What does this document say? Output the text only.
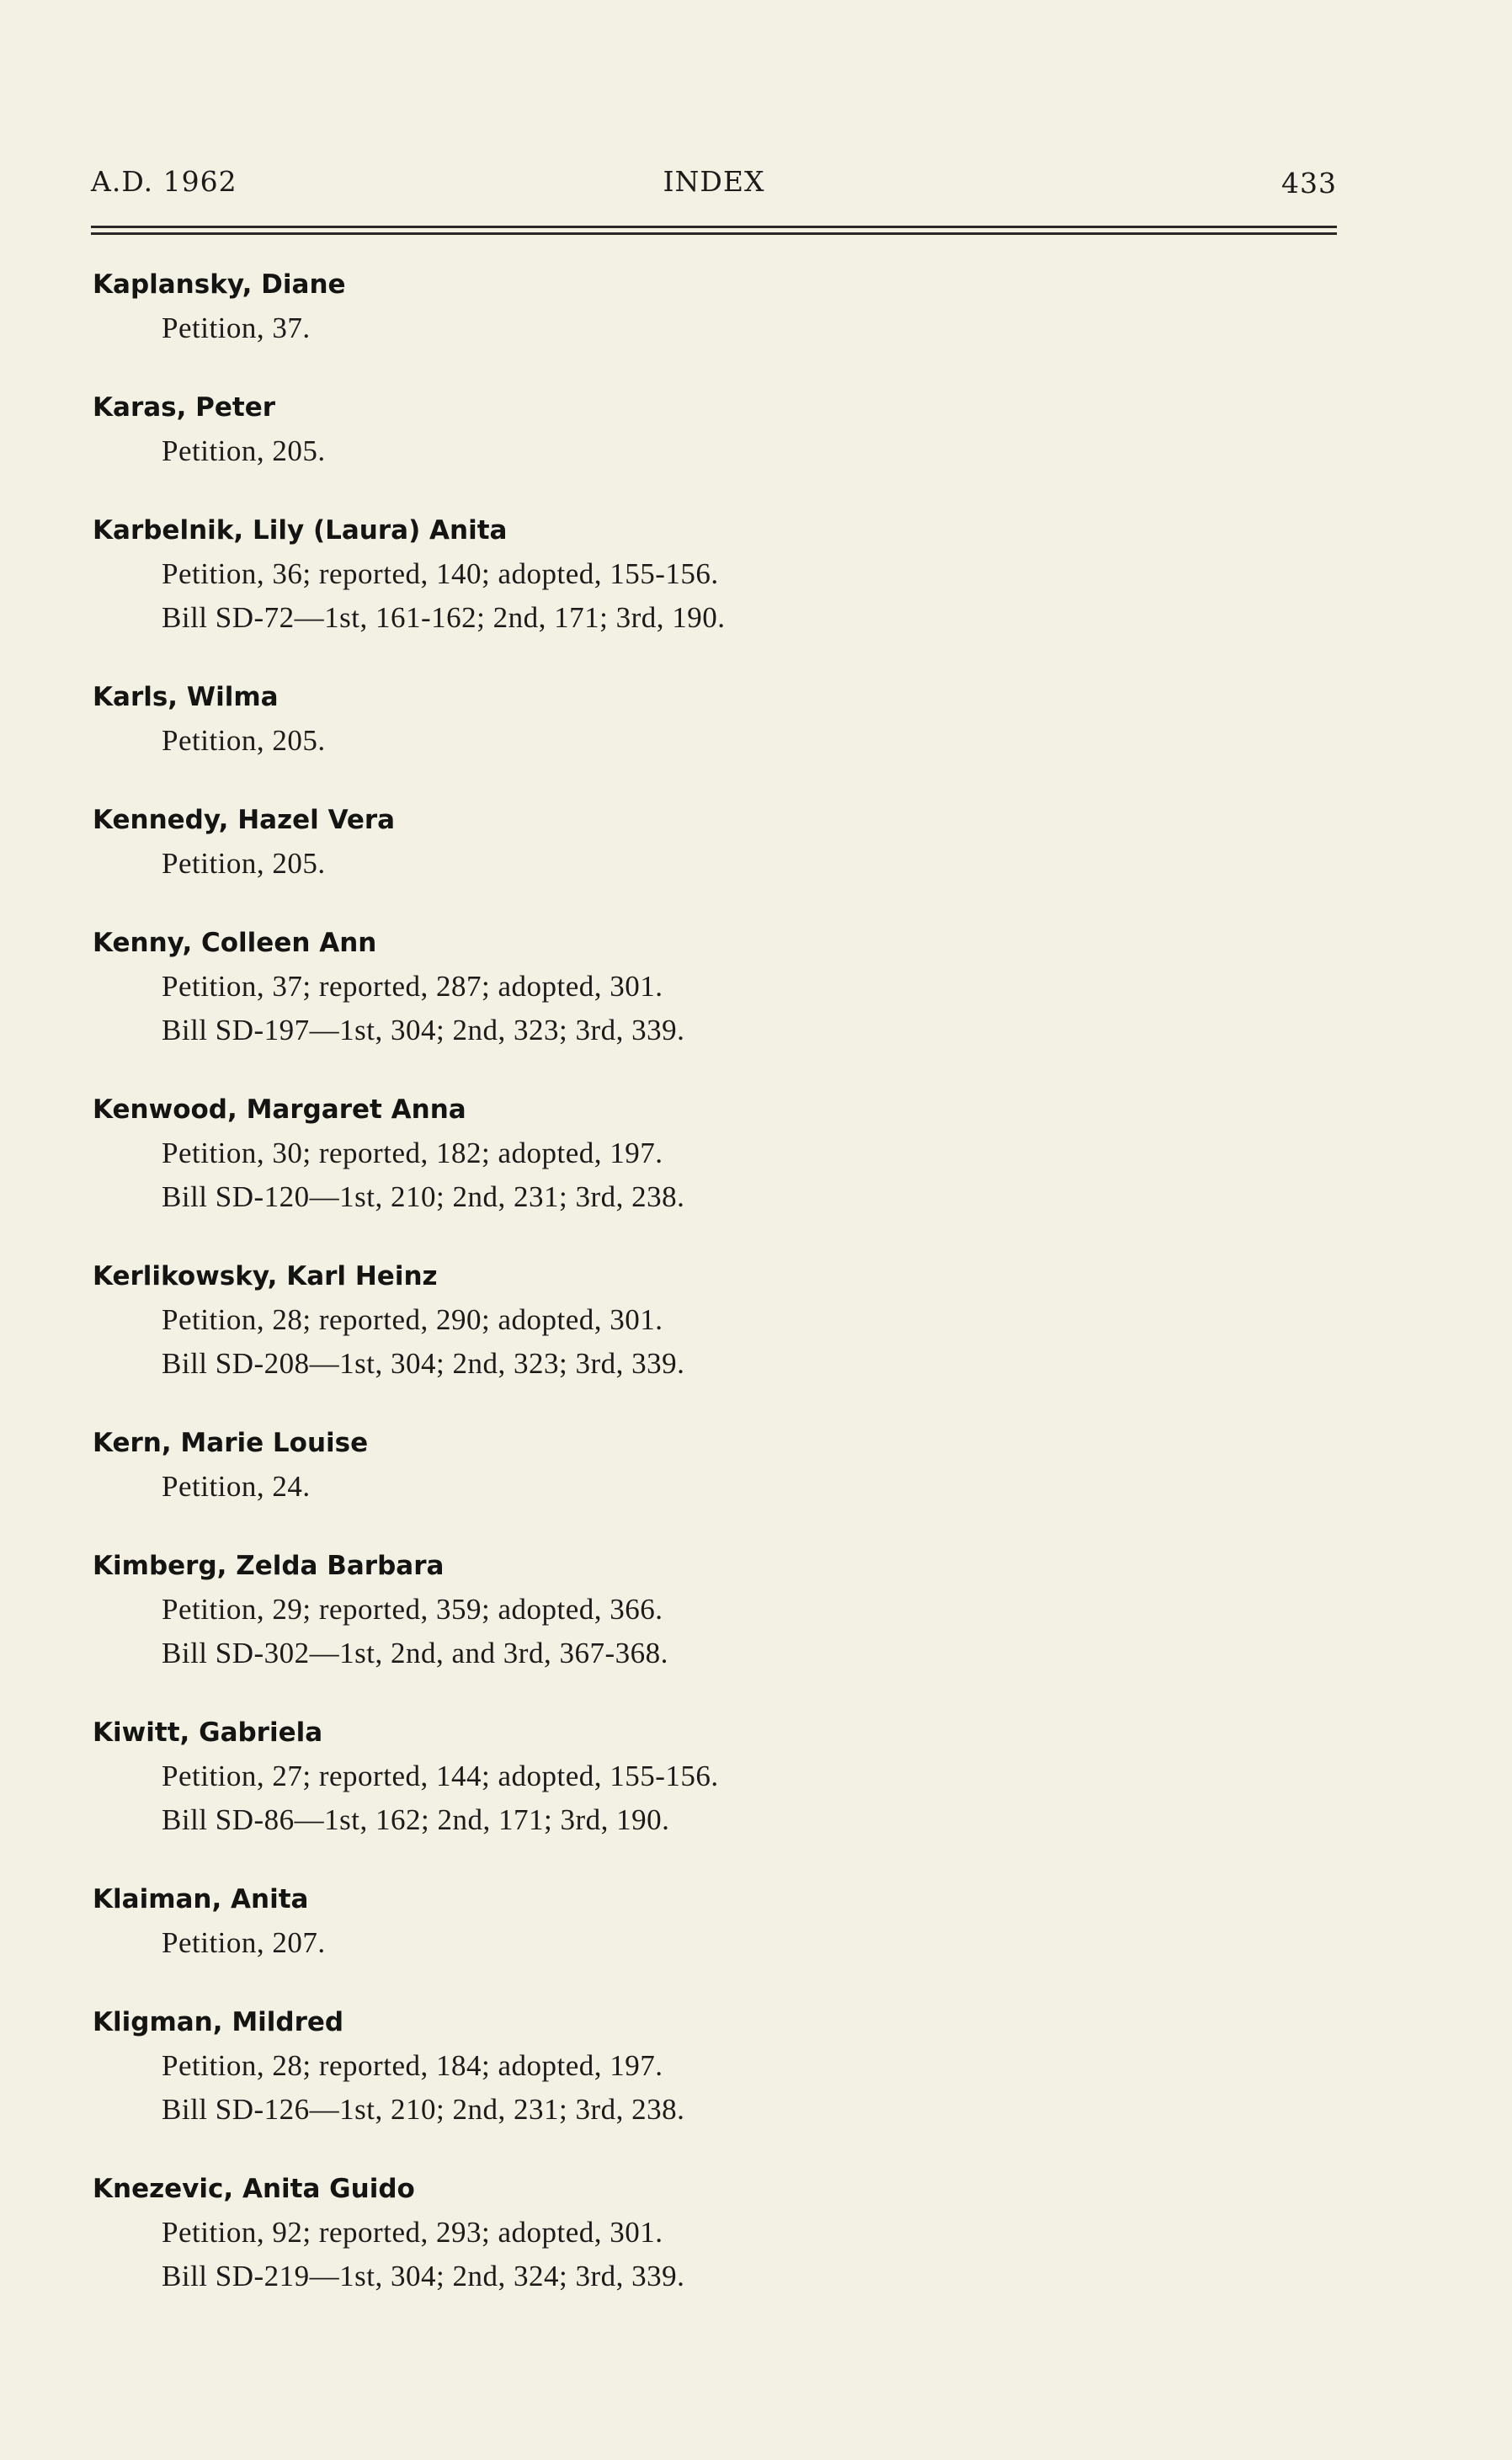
A.D. 1962	INDEX	433
Kaplansky, Diane
Petition, 37.
Karas, Peter
Petition, 205.
Karbelnik, Lily (Laura) Anita
Petition, 36; reported, 140; adopted, 155-156.
Bill SD-72—1st, 161-162; 2nd, 171; 3rd, 190.
Karls, Wilma
Petition, 205.
Kennedy, Hazel Vera
Petition, 205.
Kenny, Colleen Ann
Petition, 37; reported, 287; adopted, 301.
Bill SD-197—1st, 304; 2nd, 323; 3rd, 339.
Kenwood, Margaret Anna
Petition, 30; reported, 182; adopted, 197.
Bill SD-120—1st, 210; 2nd, 231; 3rd, 238.
Kerlikowsky, Karl Heinz
Petition, 28; reported, 290; adopted, 301.
Bill SD-208—1st, 304; 2nd, 323; 3rd, 339.
Kern, Marie Louise
Petition, 24.
Kimberg, Zelda Barbara
Petition, 29; reported, 359; adopted, 366.
Bill SD-302—1st, 2nd, and 3rd, 367-368.
Kiwitt, Gabriela
Petition, 27; reported, 144; adopted, 155-156.
Bill SD-86—1st, 162; 2nd, 171; 3rd, 190.
Klaiman, Anita
Petition, 207.
Kligman, Mildred
Petition, 28; reported, 184; adopted, 197.
Bill SD-126—1st, 210; 2nd, 231; 3rd, 238.
Knezevic, Anita Guido
Petition, 92; reported, 293; adopted, 301.
Bill SD-219—1st, 304; 2nd, 324; 3rd, 339.
